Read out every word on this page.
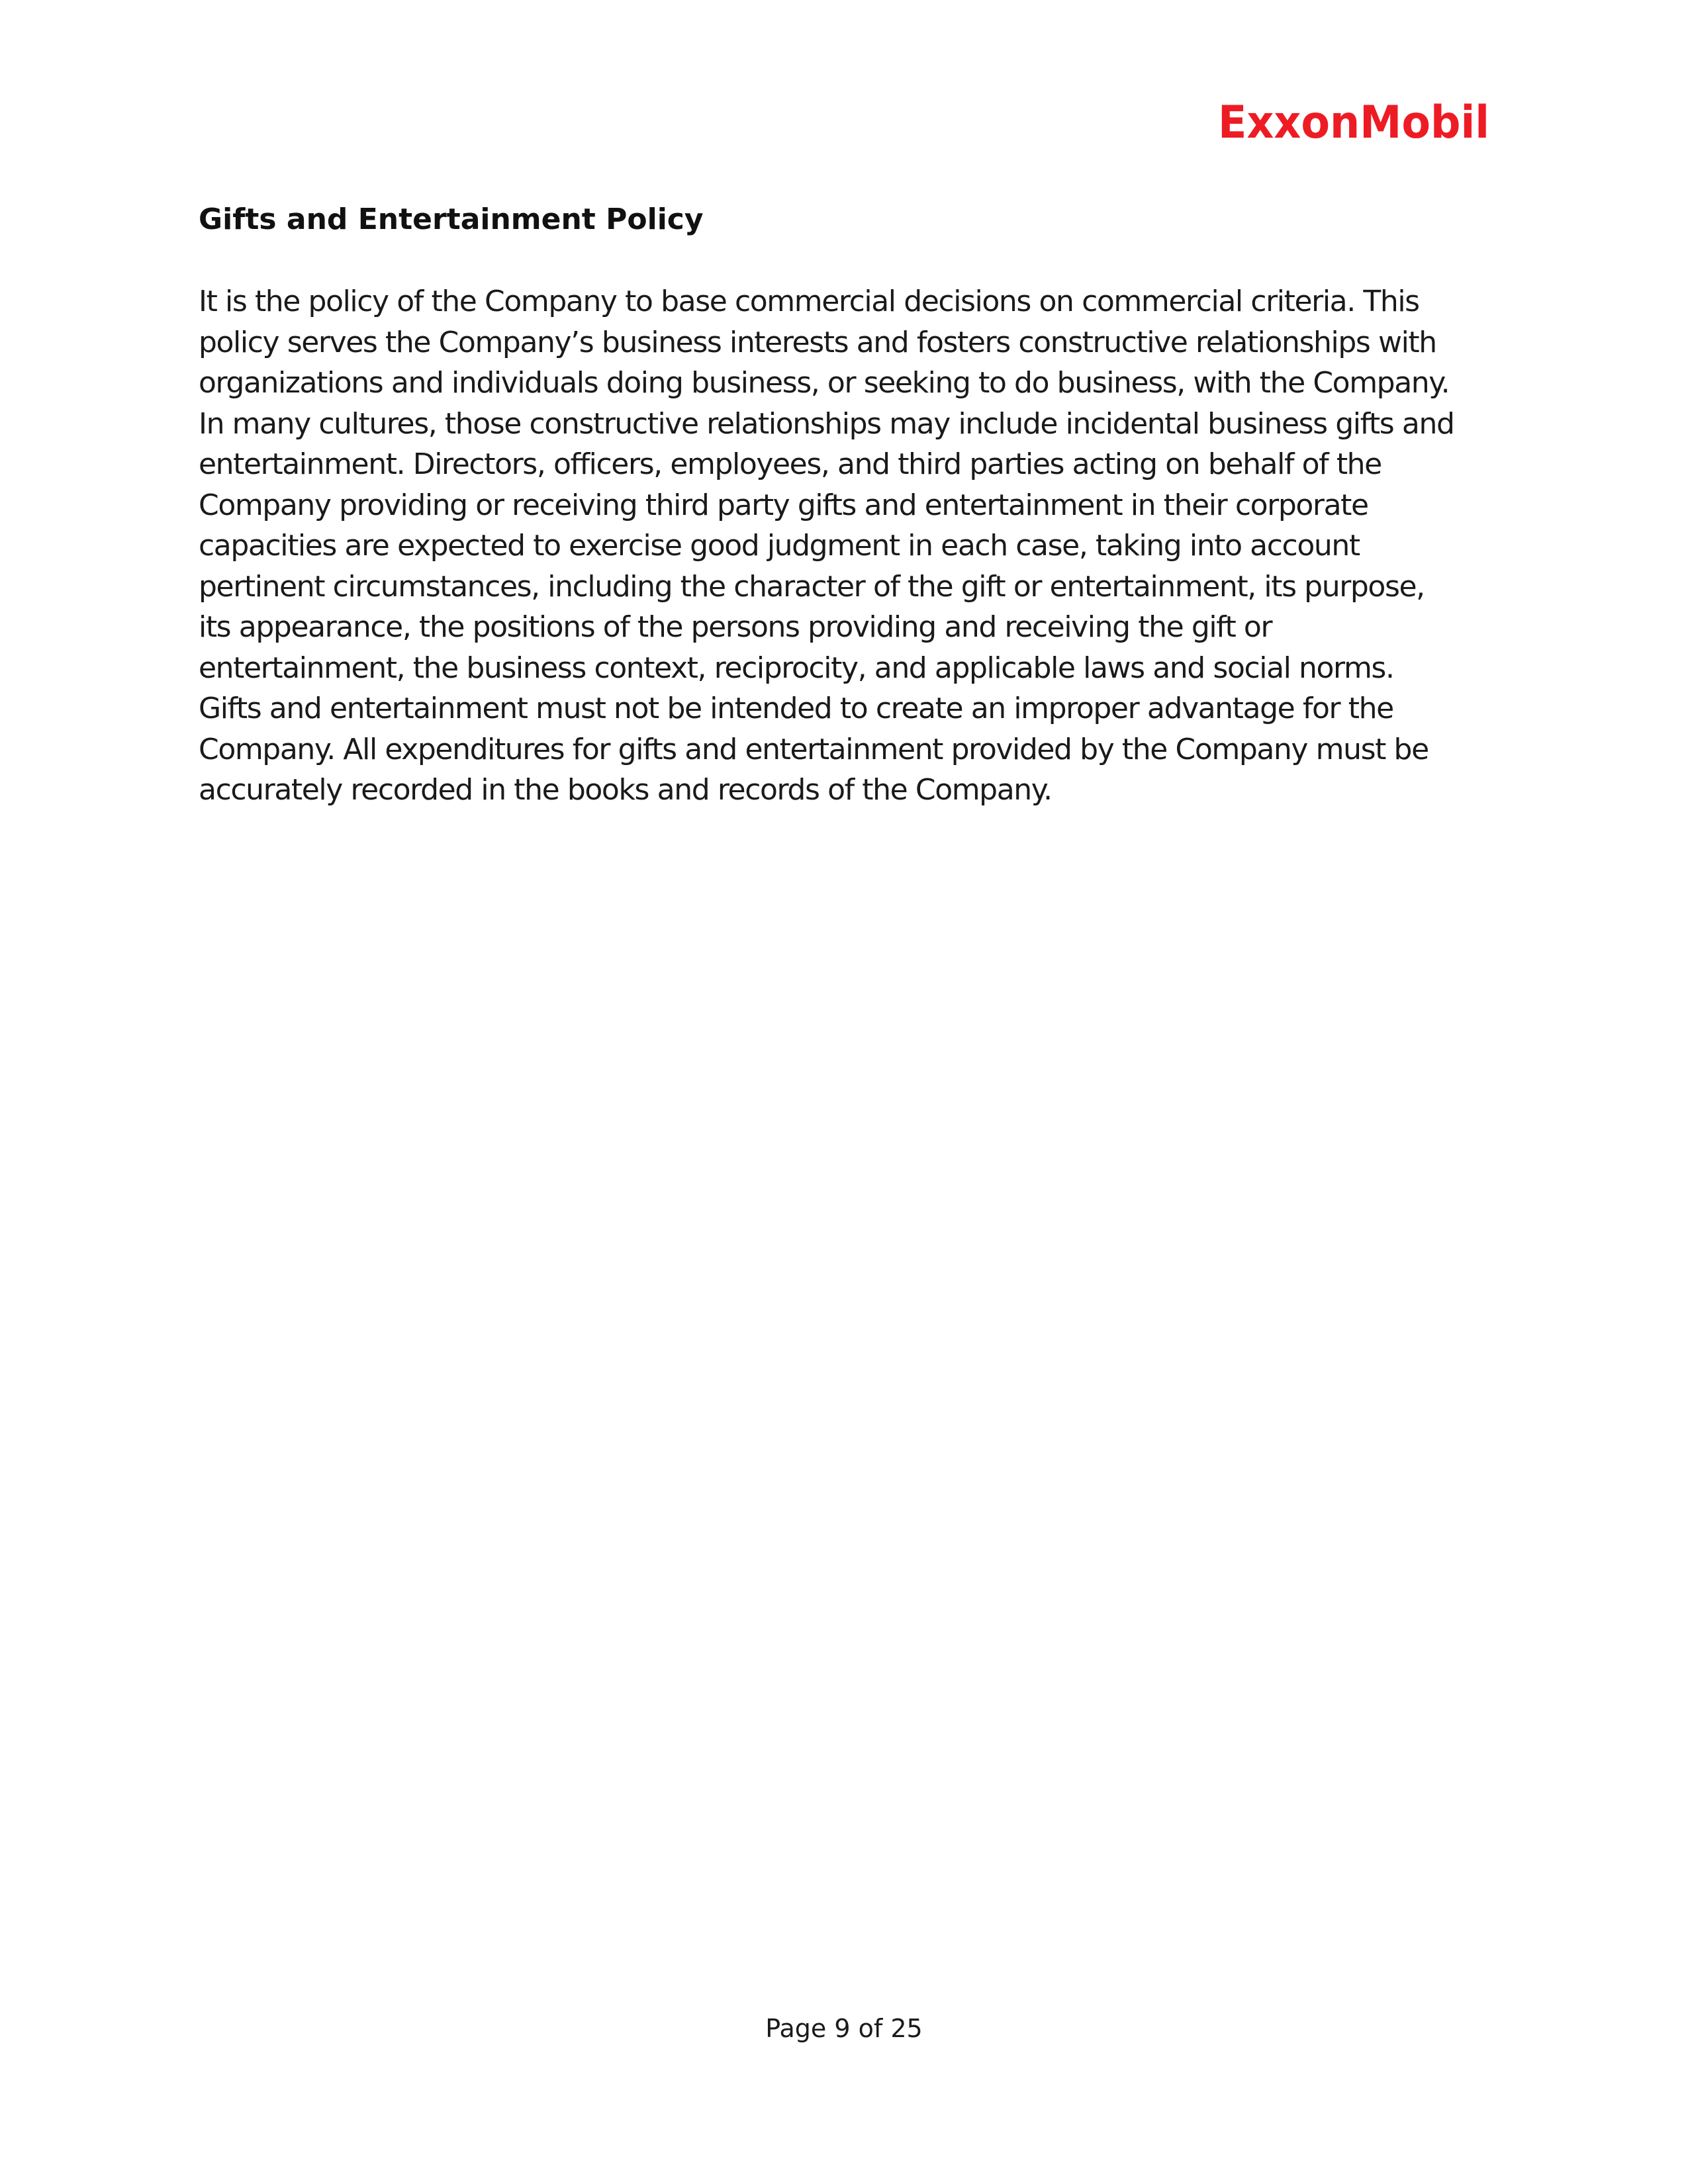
ExxonMobil
Gifts and Entertainment Policy
It is the policy of the Company to base commercial decisions on commercial criteria. This
policy serves the Company’s business interests and fosters constructive relationships with
organizations and individuals doing business, or seeking to do business, with the Company.
In many cultures, those constructive relationships may include incidental business gifts and
entertainment. Directors, officers, employees, and third parties acting on behalf of the
Company providing or receiving third party gifts and entertainment in their corporate
capacities are expected to exercise good judgment in each case, taking into account
pertinent circumstances, including the character of the gift or entertainment, its purpose,
its appearance, the positions of the persons providing and receiving the gift or
entertainment, the business context, reciprocity, and applicable laws and social norms.
Gifts and entertainment must not be intended to create an improper advantage for the
Company. All expenditures for gifts and entertainment provided by the Company must be
accurately recorded in the books and records of the Company.
Page 9 of 25
